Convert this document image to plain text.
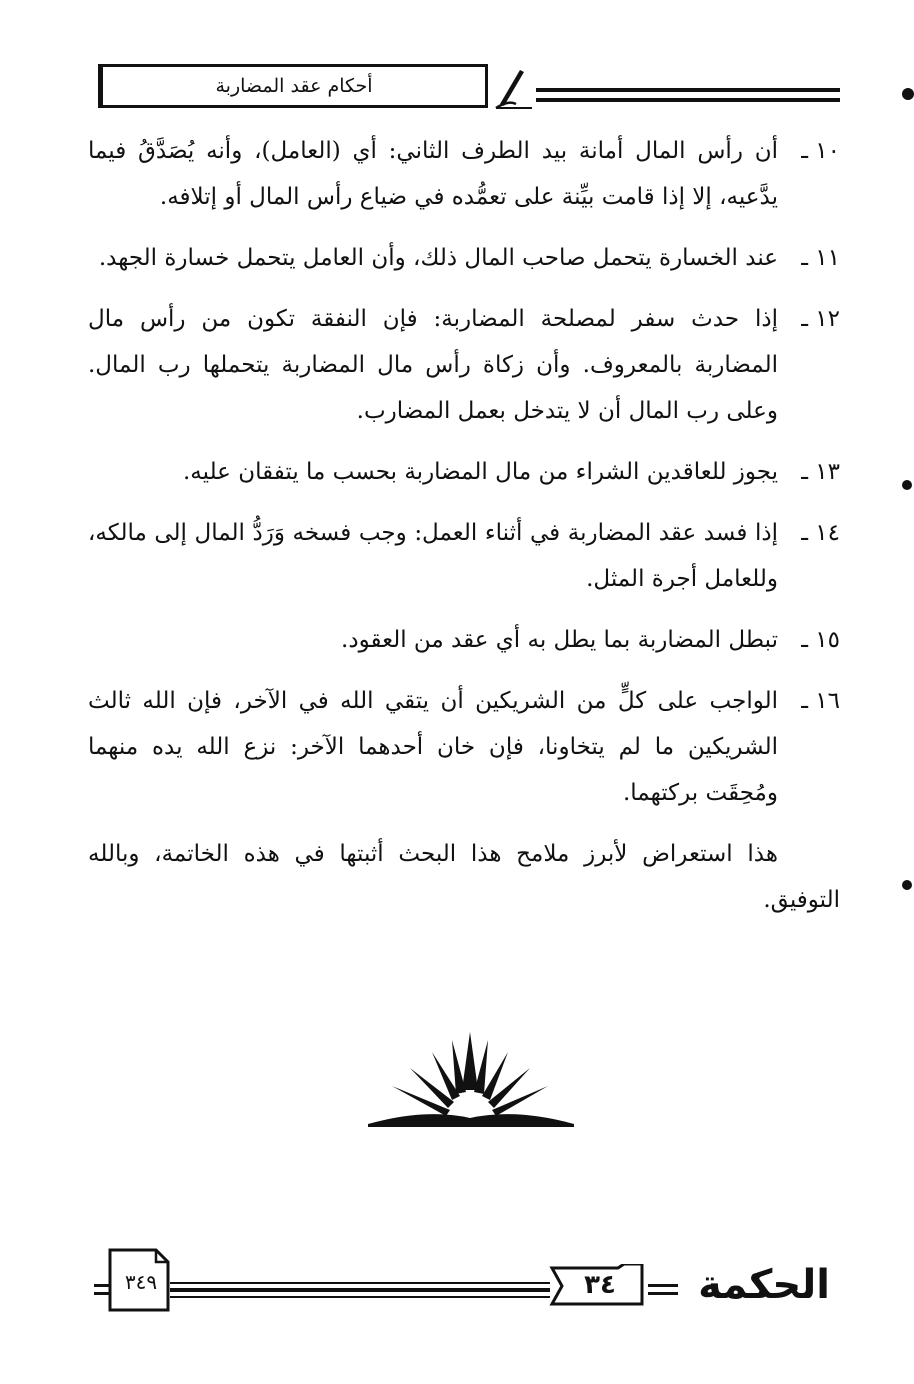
أحكام عقد المضاربة
١٠ ـ
أن رأس المال أمانة بيد الطرف الثاني: أي (العامل)، وأنه يُصَدَّقُ فيما يدَّعيه، إلا إذا قامت بيِّنة على تعمُّده في ضياع رأس المال أو إتلافه.
١١ ـ
عند الخسارة يتحمل صاحب المال ذلك، وأن العامل يتحمل خسارة الجهد.
١٢ ـ
إذا حدث سفر لمصلحة المضاربة: فإن النفقة تكون من رأس مال المضاربة بالمعروف. وأن زكاة رأس مال المضاربة يتحملها رب المال. وعلى رب المال أن لا يتدخل بعمل المضارب.
١٣ ـ
يجوز للعاقدين الشراء من مال المضاربة بحسب ما يتفقان عليه.
١٤ ـ
إذا فسد عقد المضاربة في أثناء العمل: وجب فسخه وَرَدُّ المال إلى مالكه، وللعامل أجرة المثل.
١٥ ـ
تبطل المضاربة بما يطل به أي عقد من العقود.
١٦ ـ
الواجب على كلٍّ من الشريكين أن يتقي الله في الآخر، فإن الله ثالث الشريكين ما لم يتخاونا، فإن خان أحدهما الآخر: نزع الله يده منهما ومُحِقَت بركتهما.
هذا استعراض لأبرز ملامح هذا البحث أثبتها في هذه الخاتمة، وبالله التوفيق.
الحكمة
٣٤
٣٤٩
